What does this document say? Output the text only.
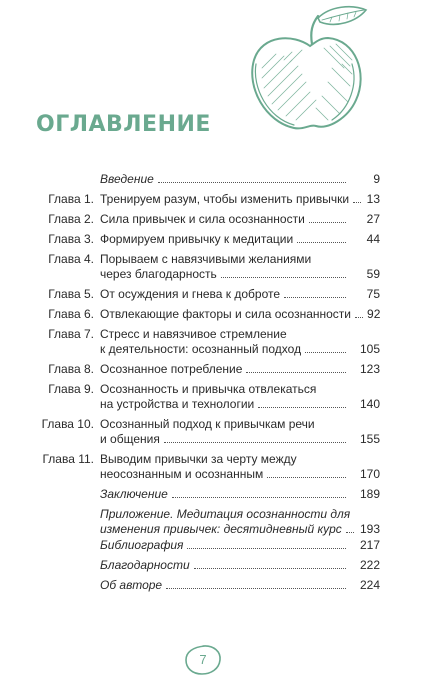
ОГЛАВЛЕНИЕ
Введение	9
Глава 1. Тренируем разум, чтобы изменить привычки 13
Глава 2. Сила привычек и сила осознанности	27
Глава 3. Формируем привычку к медитации	44
Глава 4. Порываем с навязчивыми желаниями
через благодарность	59
Глава 5. От осуждения и гнева к доброте	75
Глава 6. Отвлекающие факторы и сила осознанности 92
Глава 7. Стресс и навязчивое стремление
к деятельности: осознанный подход	105
Глава 8. Осознанное потребление	123
Глава 9. Осознанность и привычка отвлекаться
на устройства и технологии	140
Глава 10. Осознанный подход к привычкам речи
и общения	155
Глава 11. Выводим привычки за черту между
неосознанным и осознанным	170
Заключение	189
Приложение. Медитация осознанности для
изменения привычек: десятидневный курс 193
Библиография	217
Благодарности	222
Об авторе	224
7
